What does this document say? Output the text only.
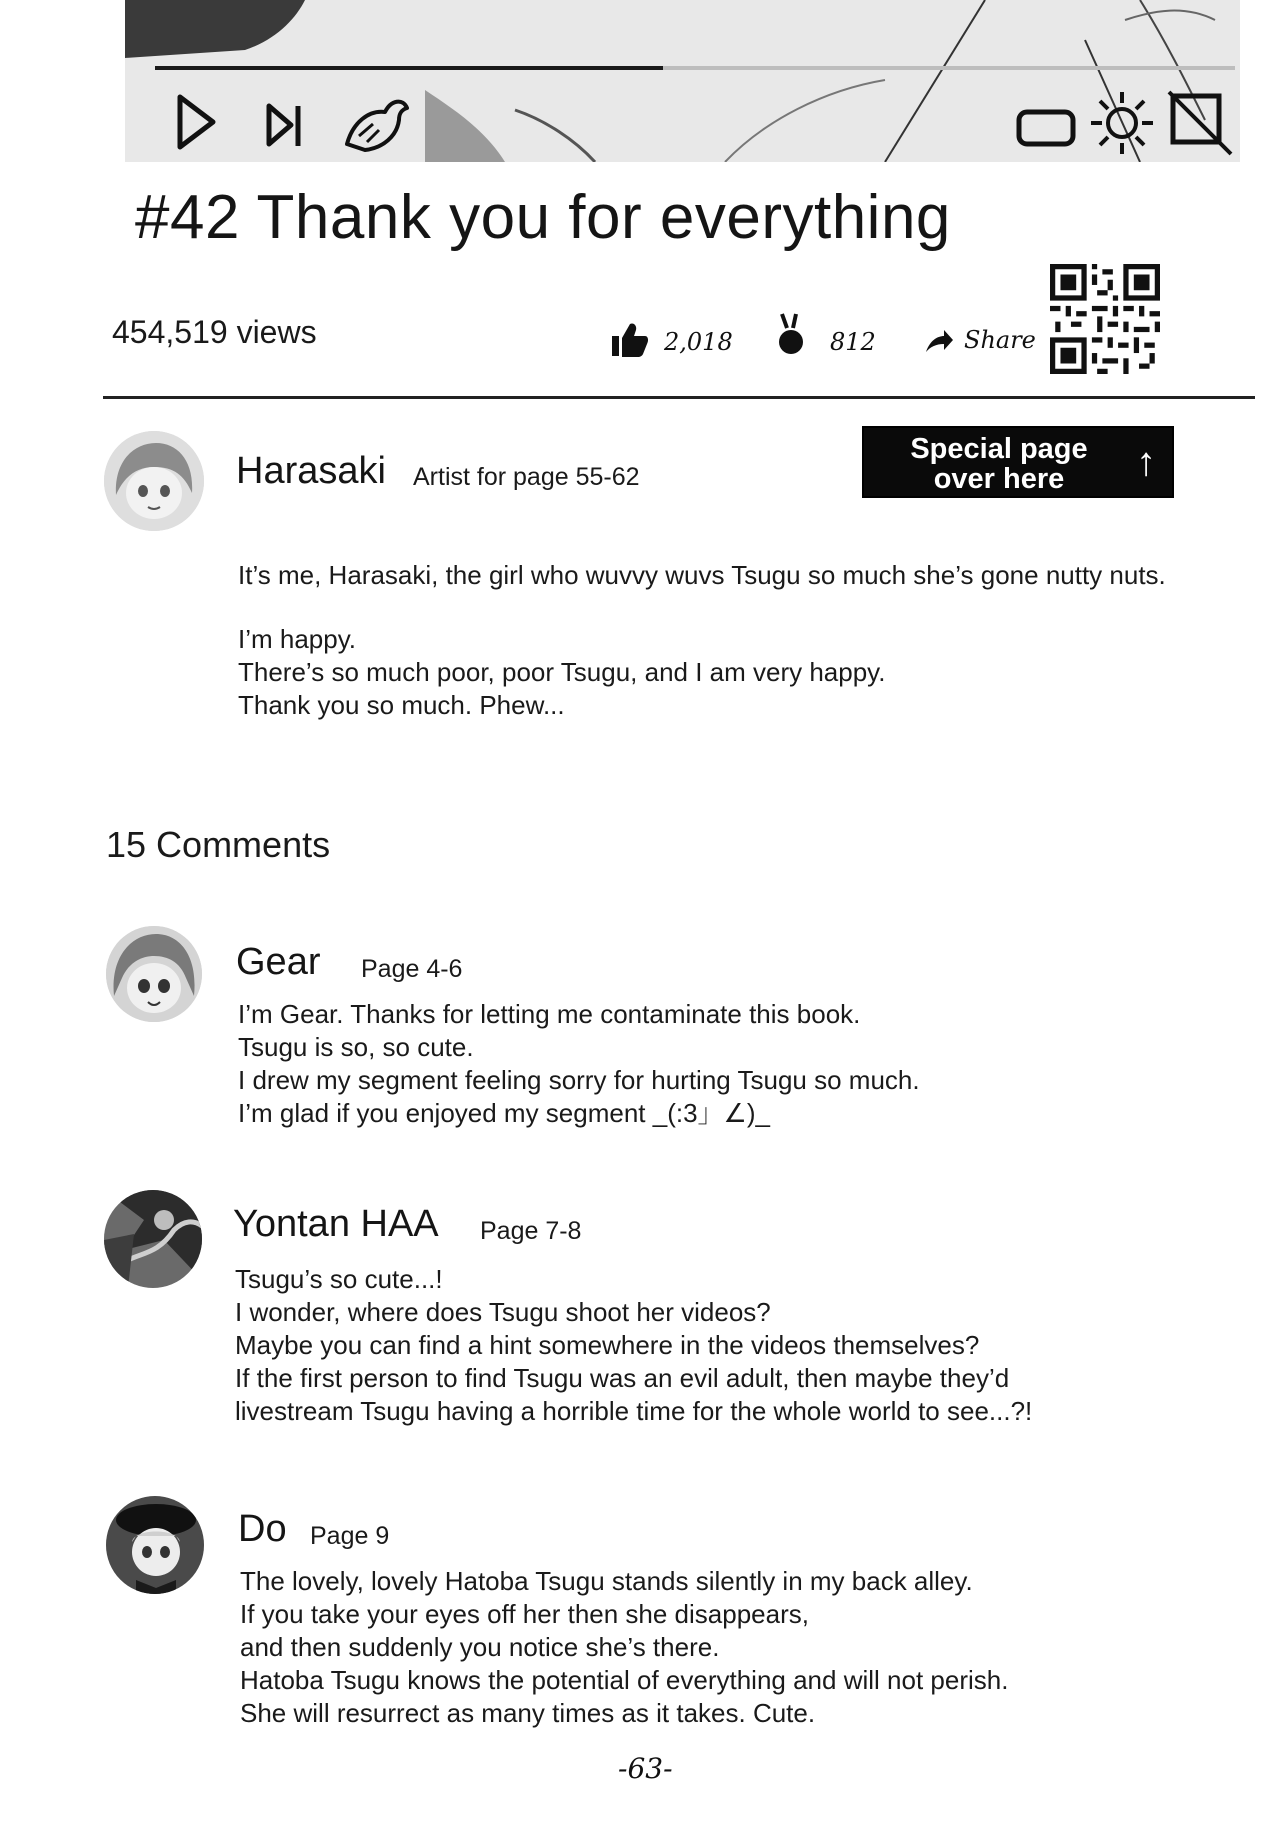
#42 Thank you for everything
454,519 views	2,018	812	Share
Harasaki Artist for page 55-62
Special page
over here	↑
It’s me, Harasaki, the girl who wuvvy wuvs Tsugu so much she’s gone nutty nuts.
I’m happy.
There’s so much poor, poor Tsugu, and I am very happy.
Thank you so much. Phew...
15 Comments
Gear Page 4-6
I’m Gear. Thanks for letting me contaminate this book.
Tsugu is so, so cute.
I drew my segment feeling sorry for hurting Tsugu so much.
I’m glad if you enjoyed my segment _(:3」∠)_
Yontan HAA Page 7-8
Tsugu’s so cute...!
I wonder, where does Tsugu shoot her videos?
Maybe you can find a hint somewhere in the videos themselves?
If the first person to find Tsugu was an evil adult, then maybe they’d
livestream Tsugu having a horrible time for the whole world to see...?!
Do Page 9
The lovely, lovely Hatoba Tsugu stands silently in my back alley.
If you take your eyes off her then she disappears,
and then suddenly you notice she’s there.
Hatoba Tsugu knows the potential of everything and will not perish.
She will resurrect as many times as it takes. Cute.
-63-
